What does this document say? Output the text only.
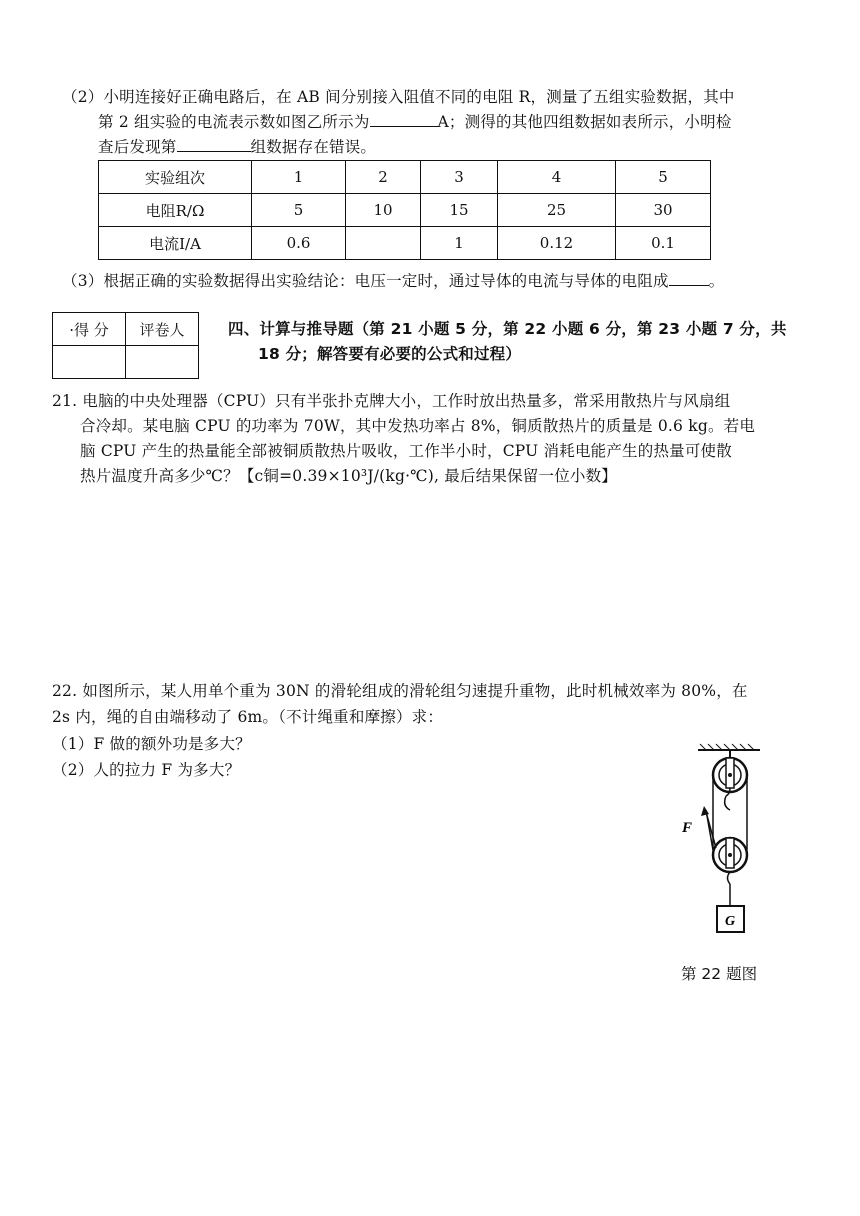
（2）小明连接好正确电路后，在 AB 间分别接入阻值不同的电阻 R，测量了五组实验数据，其中
第 2 组实验的电流表示数如图乙所示为	A；测得的其他四组数据如表所示，小明检
查后发现第	组数据存在错误。
实验组次	1	2	3	4	5
电阻R/Ω	5	10	15	25	30
电流I/A	0.6		1	0.12	0.1
（3）根据正确的实验数据得出实验结论：电压一定时，通过导体的电流与导体的电阻成	。
·得 分	评卷人
		四、计算与推导题（第 21 小题 5 分，第 22 小题 6 分，第 23 小题 7 分，共
18 分；解答要有必要的公式和过程）
21. 电脑的中央处理器（CPU）只有半张扑克牌大小，工作时放出热量多，常采用散热片与风扇组
合冷却。某电脑 CPU 的功率为 70W，其中发热功率占 8%，铜质散热片的质量是 0.6 kg。若电
脑 CPU 产生的热量能全部被铜质散热片吸收，工作半小时，CPU 消耗电能产生的热量可使散
热片温度升高多少℃？【c铜=0.39×10³J/(kg·℃), 最后结果保留一位小数】
22. 如图所示，某人用单个重为 30N 的滑轮组成的滑轮组匀速提升重物，此时机械效率为 80%，在
2s 内，绳的自由端移动了 6m。（不计绳重和摩擦）求：
（1）F 做的额外功是多大？
（2）人的拉力 F 为多大？
F
G
第 22 题图
